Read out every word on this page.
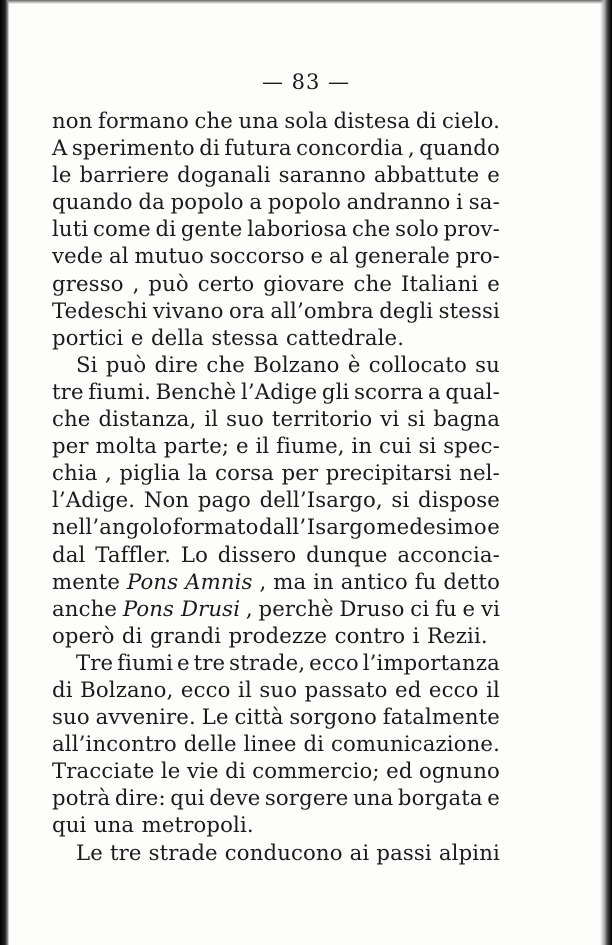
— 83 —
non formano che una sola distesa di cielo.
A sperimento di futura concordia , quando
le barriere doganali saranno abbattute e
quando da popolo a popolo andranno i sa-
luti come di gente laboriosa che solo prov-
vede al mutuo soccorso e al generale pro-
gresso , può certo giovare che Italiani e
Tedeschi vivano ora all’ombra degli stessi
portici e della stessa cattedrale.
Si può dire che Bolzano è collocato su
tre fiumi. Benchè l’Adige gli scorra a qual-
che distanza, il suo territorio vi si bagna
per molta parte; e il fiume, in cui si spec-
chia , piglia la corsa per precipitarsi nel-
l’Adige. Non pago dell’Isargo, si dispose
nell’angolo formato dall’ Isargo medesimo e
dal Taffler. Lo dissero dunque acconcia-
mente Pons Amnis , ma in antico fu detto
anche Pons Drusi , perchè Druso ci fu e vi
operò di grandi prodezze contro i Rezii.
Tre fiumi e tre strade, ecco l’importanza
di Bolzano, ecco il suo passato ed ecco il
suo avvenire. Le città sorgono fatalmente
all’incontro delle linee di comunicazione.
Tracciate le vie di commercio; ed ognuno
potrà dire: qui deve sorgere una borgata e
qui una metropoli.
Le tre strade conducono ai passi alpini
